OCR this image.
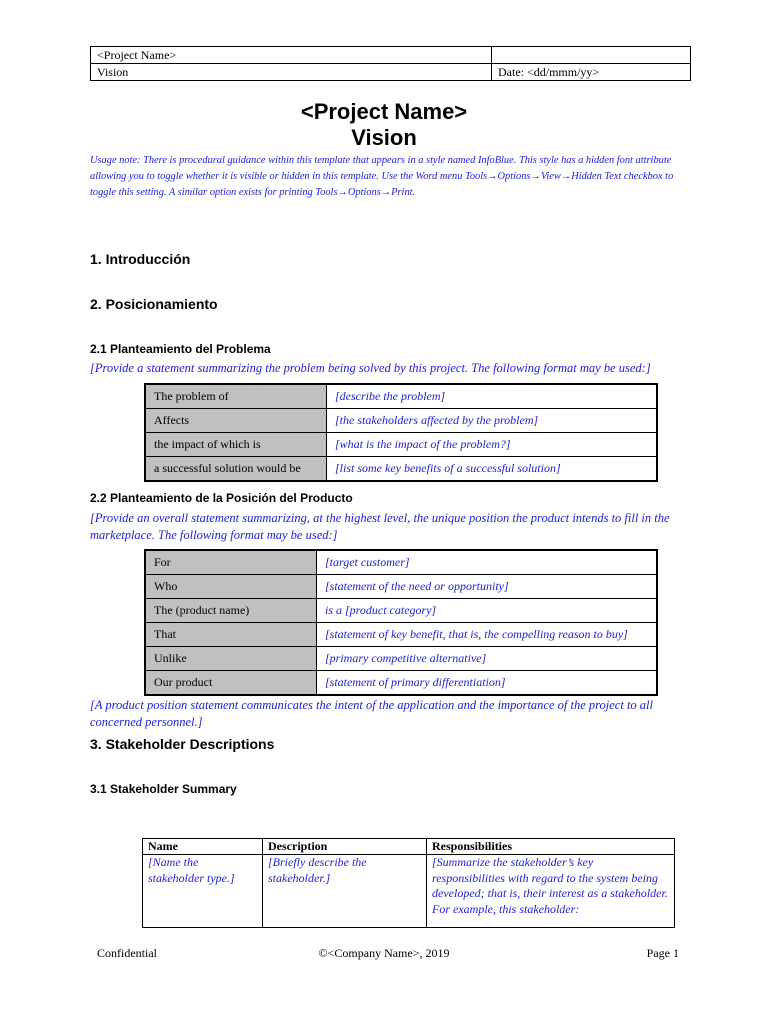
<Project Name>	
Vision	Date: <dd/mmm/yy>
<Project Name>
Vision
Usage note: There is procedural guidance within this template that appears in a style named InfoBlue. This style has a hidden font attribute allowing you to toggle whether it is visible or hidden in this template. Use the Word menu Tools→Options→View→Hidden Text checkbox to toggle this setting. A similar option exists for printing Tools→Options→Print.
1. Introducción
2. Posicionamiento
2.1 Planteamiento del Problema
[Provide a statement summarizing the problem being solved by this project. The following format may be used:]
The problem of	[describe the problem]
Affects	[the stakeholders affected by the problem]
the impact of which is	[what is the impact of the problem?]
a successful solution would be	[list some key benefits of a successful solution]
2.2 Planteamiento de la Posición del Producto
[Provide an overall statement summarizing, at the highest level, the unique position the product intends to fill in the marketplace. The following format may be used:]
For	[target customer]
Who	[statement of the need or opportunity]
The (product name)	is a [product category]
That	[statement of key benefit, that is, the compelling reason to buy]
Unlike	[primary competitive alternative]
Our product	[statement of primary differentiation]
[A product position statement communicates the intent of the application and the importance of the project to all concerned personnel.]
3. Stakeholder Descriptions
3.1 Stakeholder Summary
Name	Description	Responsibilities
[Name the stakeholder type.]	[Briefly describe the stakeholder.]	[Summarize the stakeholder’s key responsibilities with regard to the system being developed; that is, their interest as a stakeholder. For example, this stakeholder:
Confidential	©<Company Name>, 2019	Page 1
